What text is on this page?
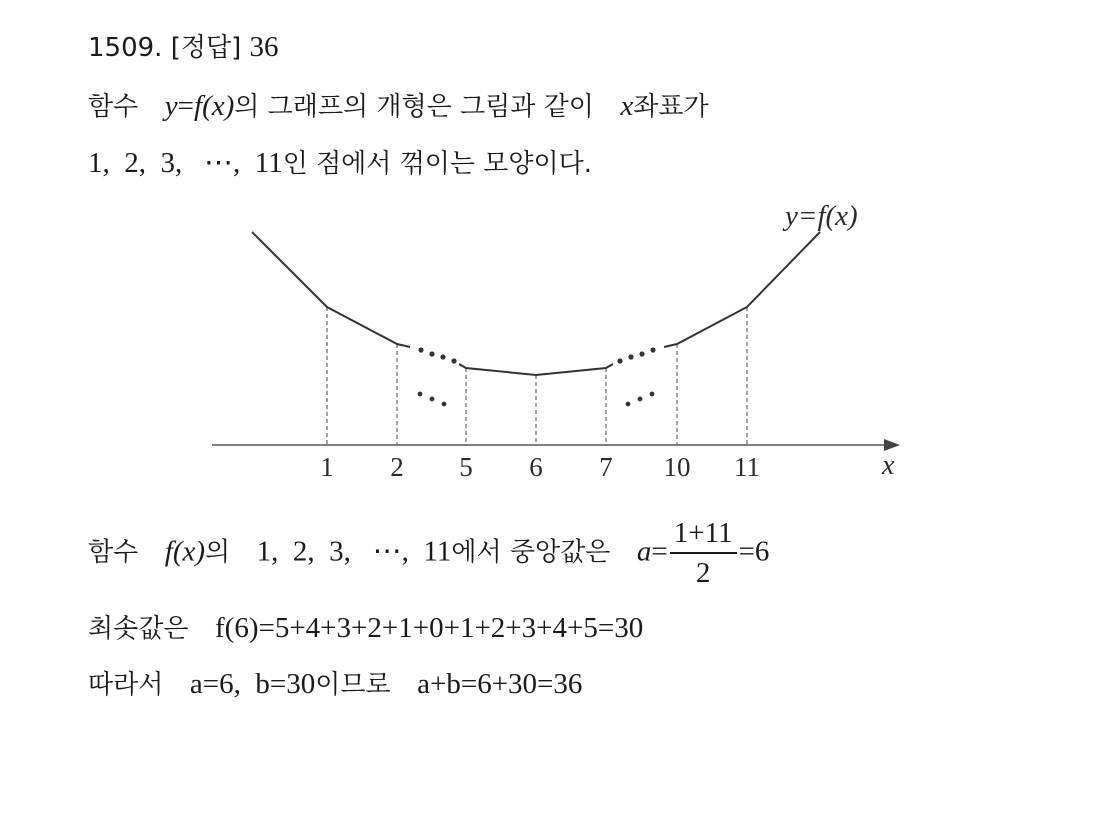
1509. [정답] 36
함수 y=f(x)의 그래프의 개형은 그림과 같이 x좌표가
1,  2,  3,   ⋯,  11인 점에서 꺾이는 모양이다.
y=f(x)
x
1 2 5 6 7 10 11
함수 f(x)의 1,  2,  3,   ⋯,  11에서 중앙값은 $a= \frac{1+11}{2} =6$
최솟값은 f(6)=5+4+3+2+1+0+1+2+3+4+5=30
따라서 a=6,  b=30이므로 a+b=6+30=36
